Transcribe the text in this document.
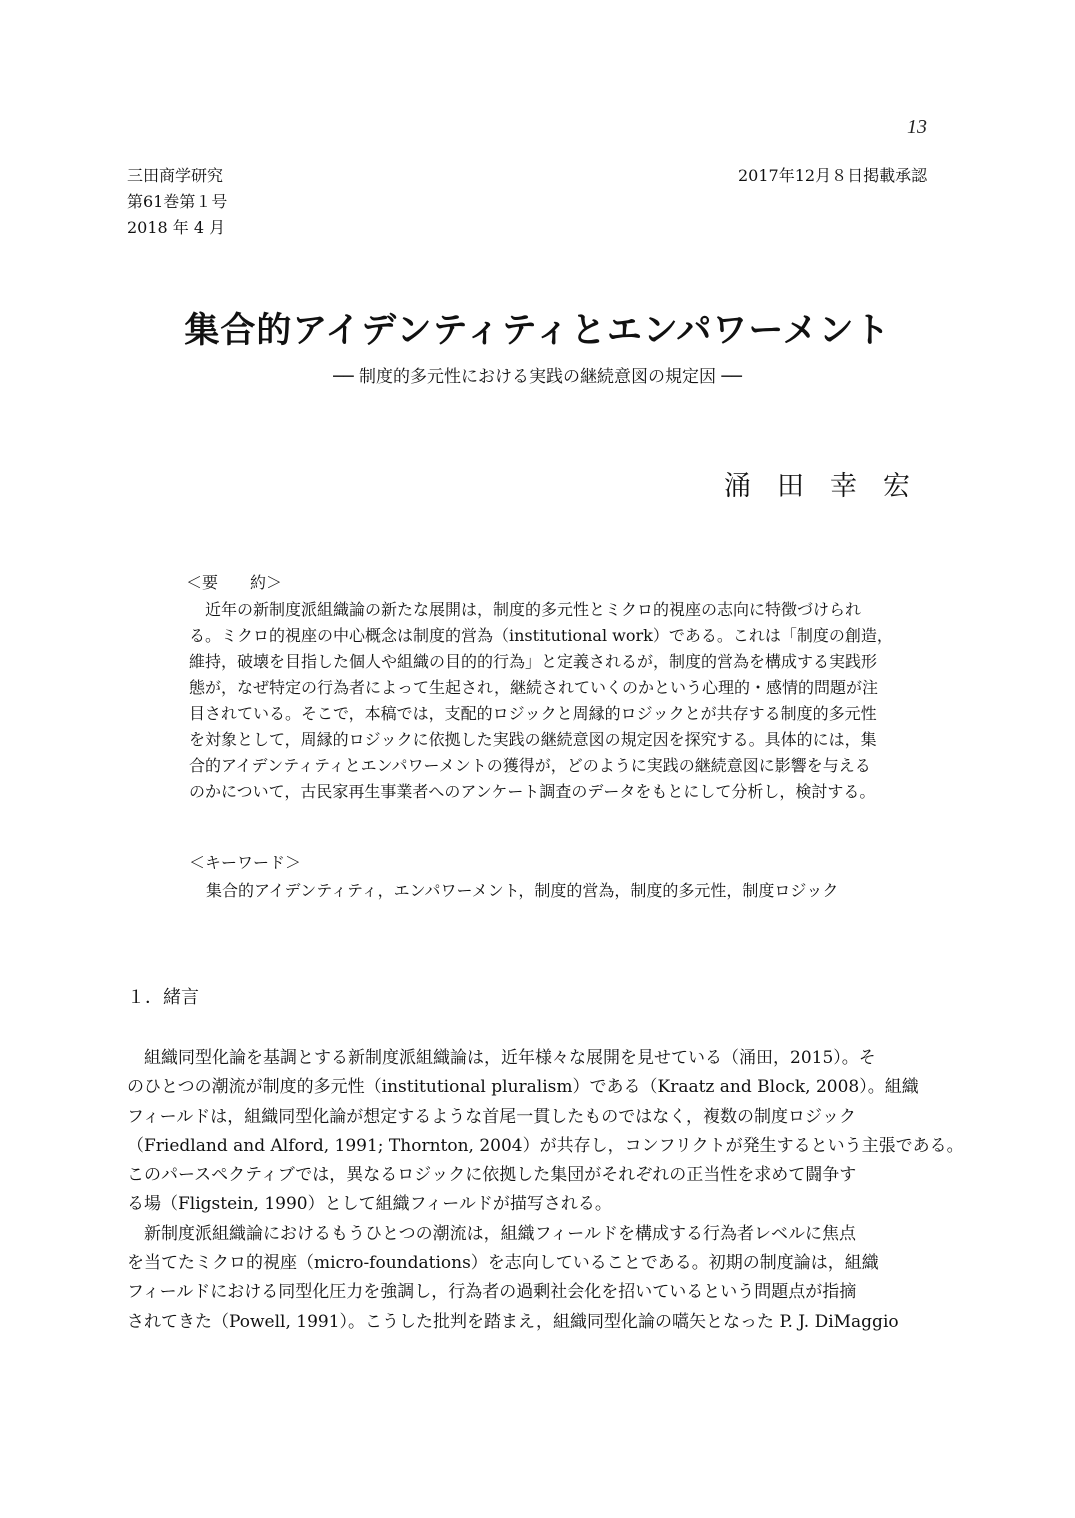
13
三田商学研究
第61巻第１号
2018 年 4 月
2017年12月８日掲載承認
集合的アイデンティティとエンパワーメント
── 制度的多元性における実践の継続意図の規定因 ──
涌田幸宏
＜要　　約＞
　近年の新制度派組織論の新たな展開は，制度的多元性とミクロ的視座の志向に特徴づけられ
る。ミクロ的視座の中心概念は制度的営為（institutional work）である。これは「制度の創造，
維持，破壊を目指した個人や組織の目的的行為」と定義されるが，制度的営為を構成する実践形
態が，なぜ特定の行為者によって生起され，継続されていくのかという心理的・感情的問題が注
目されている。そこで，本稿では，支配的ロジックと周縁的ロジックとが共存する制度的多元性
を対象として，周縁的ロジックに依拠した実践の継続意図の規定因を探究する。具体的には，集
合的アイデンティティとエンパワーメントの獲得が，どのように実践の継続意図に影響を与える
のかについて，古民家再生事業者へのアンケート調査のデータをもとにして分析し，検討する。
＜キーワード＞
集合的アイデンティティ，エンパワーメント，制度的営為，制度的多元性，制度ロジック
１．緒言
　組織同型化論を基調とする新制度派組織論は，近年様々な展開を見せている（涌田，2015）。そ
のひとつの潮流が制度的多元性（institutional pluralism）である（Kraatz and Block, 2008）。組織
フィールドは，組織同型化論が想定するような首尾一貫したものではなく，複数の制度ロジック
（Friedland and Alford, 1991; Thornton, 2004）が共存し，コンフリクトが発生するという主張である。
このパースペクティブでは，異なるロジックに依拠した集団がそれぞれの正当性を求めて闘争す
る場（Fligstein, 1990）として組織フィールドが描写される。
　新制度派組織論におけるもうひとつの潮流は，組織フィールドを構成する行為者レベルに焦点
を当てたミクロ的視座（micro-foundations）を志向していることである。初期の制度論は，組織
フィールドにおける同型化圧力を強調し，行為者の過剰社会化を招いているという問題点が指摘
されてきた（Powell, 1991）。こうした批判を踏まえ，組織同型化論の嚆矢となった P. J. DiMaggio
